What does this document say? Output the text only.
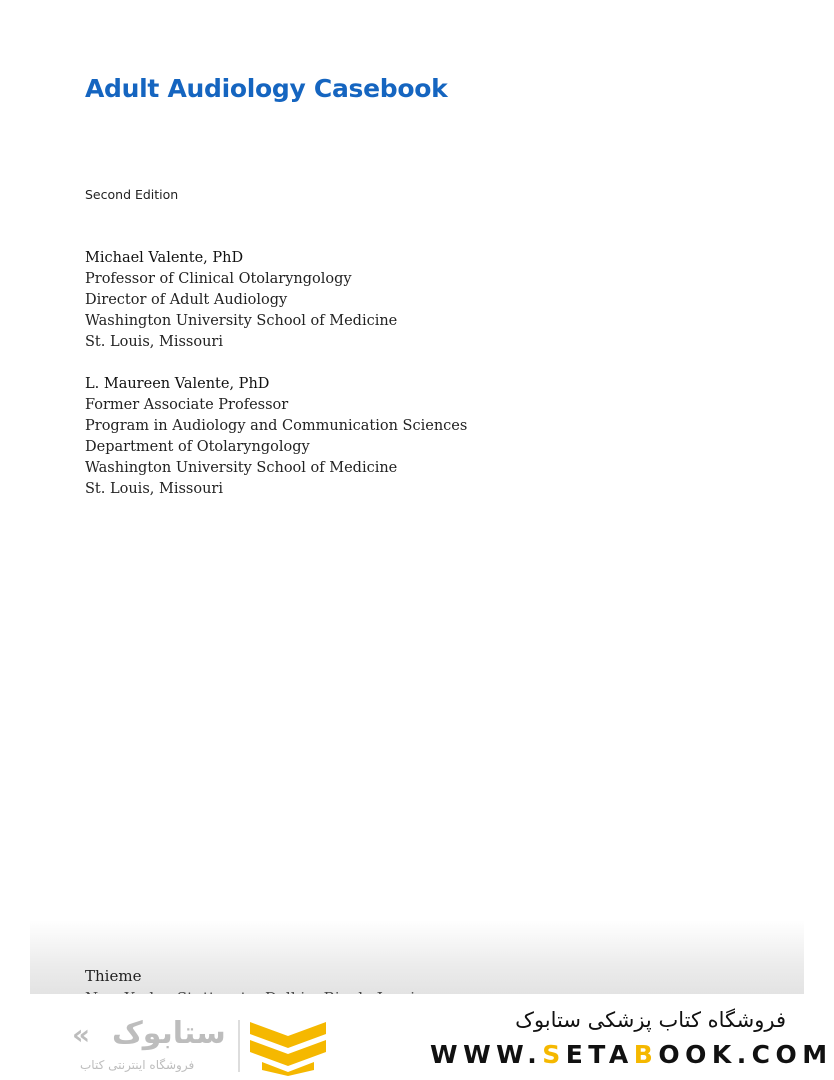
Adult Audiology Casebook
Second Edition
Michael Valente, PhD
Professor of Clinical Otolaryngology
Director of Adult Audiology
Washington University School of Medicine
St. Louis, Missouri
L. Maureen Valente, PhD
Former Associate Professor
Program in Audiology and Communication Sciences
Department of Otolaryngology
Washington University School of Medicine
St. Louis, Missouri
Thieme
ستابوک
«
فروشگاه اینترنتی کتاب
فروشگاه کتاب پزشکی ستابوک
WWW.SETABOOK.COM
